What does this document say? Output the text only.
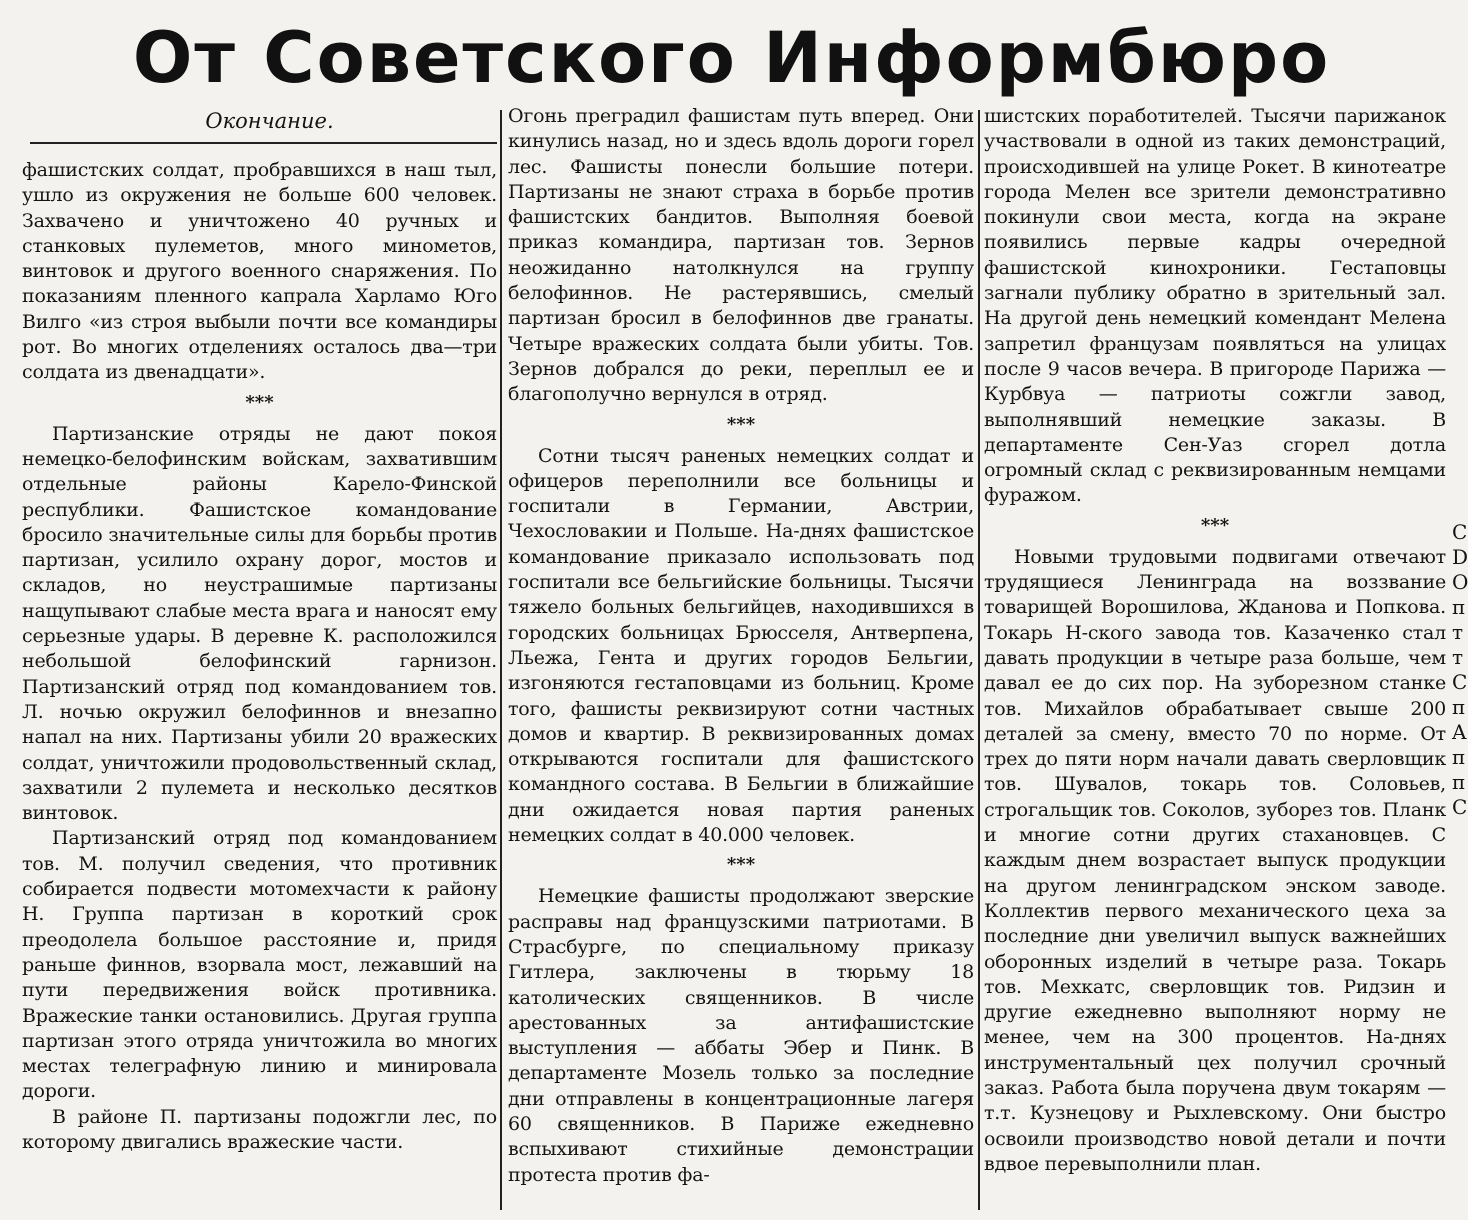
От Советского Информбюро
Окончание.

фашистских солдат, пробравшихся в наш тыл, ушло из окружения не больше 600 человек. Захвачено и уничтожено 40 ручных и станковых пулеметов, много минометов, винтовок и другого военного снаряжения. По показаниям пленного капрала Харламо Юго Вилго «из строя выбыли почти все командиры рот. Во многих отделениях осталось два—три солдата из двенадцати».

***

Партизанские отряды не дают покоя немецко-белофинским войскам, захватившим отдельные районы Карело-Финской республики. Фашистское командование бросило значительные силы для борьбы против партизан, усилило охрану дорог, мостов и складов, но неустрашимые партизаны нащупывают слабые места врага и наносят ему серьезные удары. В деревне К. расположился небольшой белофинский гарнизон. Партизанский отряд под командованием тов. Л. ночью окружил белофиннов и внезапно напал на них. Партизаны убили 20 вражеских солдат, уничтожили продовольственный склад, захватили 2 пулемета и несколько десятков винтовок.

Партизанский отряд под командованием тов. М. получил сведения, что противник собирается подвести мотомехчасти к району Н. Группа партизан в короткий срок преодолела большое расстояние и, придя раньше финнов, взорвала мост, лежавший на пути передвижения войск противника. Вражеские танки остановились. Другая группа партизан этого отряда уничтожила во многих местах телеграфную линию и минировала дороги.

В районе П. партизаны подожгли лес, по которому двигались вражеские части.

Огонь преградил фашистам путь вперед. Они кинулись назад, но и здесь вдоль дороги горел лес. Фашисты понесли большие потери. Партизаны не знают страха в борьбе против фашистских бандитов. Выполняя боевой приказ командира, партизан тов. Зернов неожиданно натолкнулся на группу белофиннов. Не растерявшись, смелый партизан бросил в белофиннов две гранаты. Четыре вражеских солдата были убиты. Тов. Зернов добрался до реки, переплыл ее и благополучно вернулся в отряд.

***

Сотни тысяч раненых немецких солдат и офицеров переполнили все больницы и госпитали в Германии, Австрии, Чехословакии и Польше. На-днях фашистское командование приказало использовать под госпитали все бельгийские больницы. Тысячи тяжело больных бельгийцев, находившихся в городских больницах Брюсселя, Антверпена, Льежа, Гента и других городов Бельгии, изгоняются гестаповцами из больниц. Кроме того, фашисты реквизируют сотни частных домов и квартир. В реквизированных домах открываются госпитали для фашистского командного состава. В Бельгии в ближайшие дни ожидается новая партия раненых немецких солдат в 40.000 человек.

***

Немецкие фашисты продолжают зверские расправы над французскими патриотами. В Страсбурге, по специальному приказу Гитлера, заключены в тюрьму 18 католических священников. В числе арестованных за антифашистские выступления — аббаты Эбер и Пинк. В департаменте Мозель только за последние дни отправлены в концентрационные лагеря 60 священников. В Париже ежедневно вспыхивают стихийные демонстрации протеста против фа-

шистских поработителей. Тысячи парижанок участвовали в одной из таких демонстраций, происходившей на улице Рокет. В кинотеатре города Мелен все зрители демонстративно покинули свои места, когда на экране появились первые кадры очередной фашистской кинохроники. Гестаповцы загнали публику обратно в зрительный зал. На другой день немецкий комендант Мелена запретил французам появляться на улицах после 9 часов вечера. В пригороде Парижа — Курбвуа — патриоты сожгли завод, выполнявший немецкие заказы. В департаменте Сен-Уаз сгорел дотла огромный склад с реквизированным немцами фуражом.

***

Новыми трудовыми подвигами отвечают трудящиеся Ленинграда на воззвание товарищей Ворошилова, Жданова и Попкова. Токарь Н-ского завода тов. Казаченко стал давать продукции в четыре раза больше, чем давал ее до сих пор. На зуборезном станке тов. Михайлов обрабатывает свыше 200 деталей за смену, вместо 70 по норме. От трех до пяти норм начали давать сверловщик тов. Шувалов, токарь тов. Соловьев, строгальщик тов. Соколов, зуборез тов. Планк и многие сотни других стахановцев. С каждым днем возрастает выпуск продукции на другом ленинградском энском заводе. Коллектив первого механического цеха за последние дни увеличил выпуск важнейших оборонных изделий в четыре раза. Токарь тов. Мехкатс, сверловщик тов. Ридзин и другие ежедневно выполняют норму не менее, чем на 300 процентов. На-днях инструментальный цех получил срочный заказ. Работа была поручена двум токарям — т.т. Кузнецову и Рыхлевскому. Они быстро освоили производство новой детали и почти вдвое перевыполнили план.

C
D
O
п
т
т
C
п
A
п
п
C
